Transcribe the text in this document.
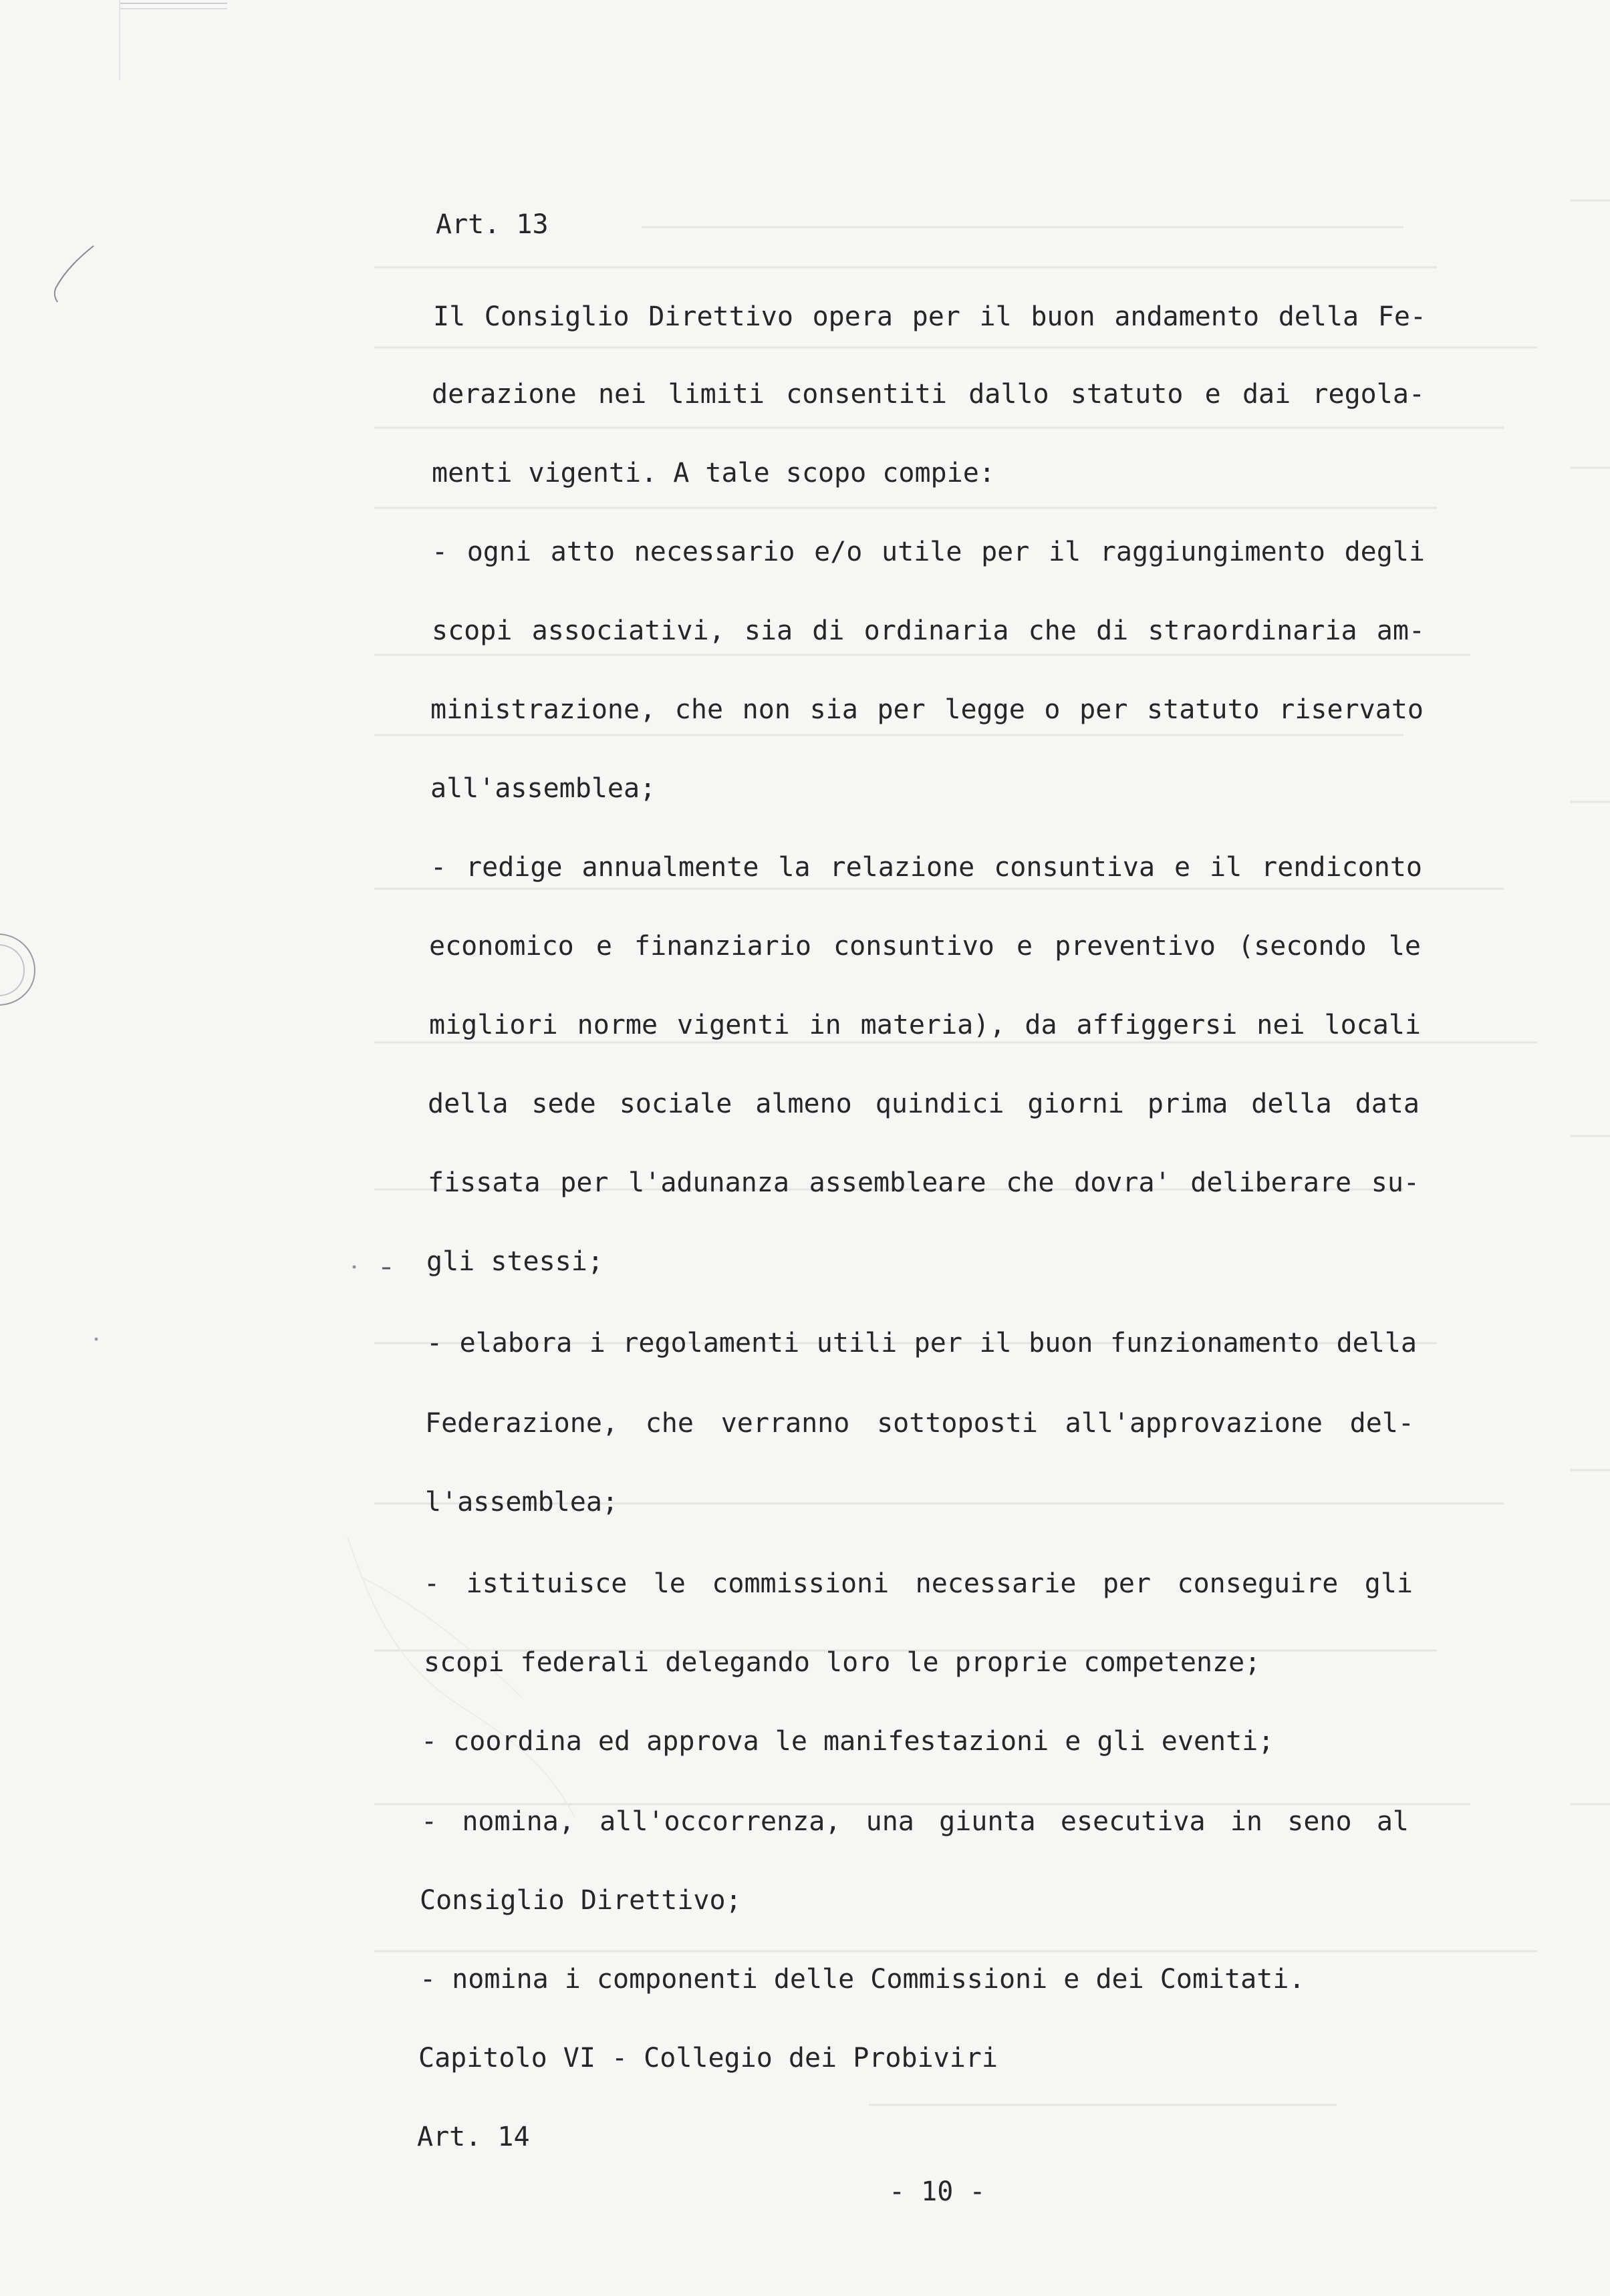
Art. 13
Il Consiglio Direttivo opera per il buon andamento della Fe-
derazione nei limiti consentiti dallo statuto e dai regola-
menti vigenti. A tale scopo compie:
- ogni atto necessario e/o utile per il raggiungimento degli
scopi associativi, sia di ordinaria che di straordinaria am-
ministrazione, che non sia per legge o per statuto riservato
all'assemblea;
- redige annualmente la relazione consuntiva e il rendiconto
economico e finanziario consuntivo e preventivo (secondo le
migliori norme vigenti in materia), da affiggersi nei locali
della sede sociale almeno quindici giorni prima della data
fissata per l'adunanza assembleare che dovra' deliberare su-
gli stessi;
- elabora i regolamenti utili per il buon funzionamento della
Federazione, che verranno sottoposti all'approvazione del-
l'assemblea;
- istituisce le commissioni necessarie per conseguire gli
scopi federali delegando loro le proprie competenze;
- coordina ed approva le manifestazioni e gli eventi;
- nomina, all'occorrenza, una giunta esecutiva in seno al
Consiglio Direttivo;
- nomina i componenti delle Commissioni e dei Comitati.
Capitolo VI - Collegio dei Probiviri
Art. 14
- 10 -
